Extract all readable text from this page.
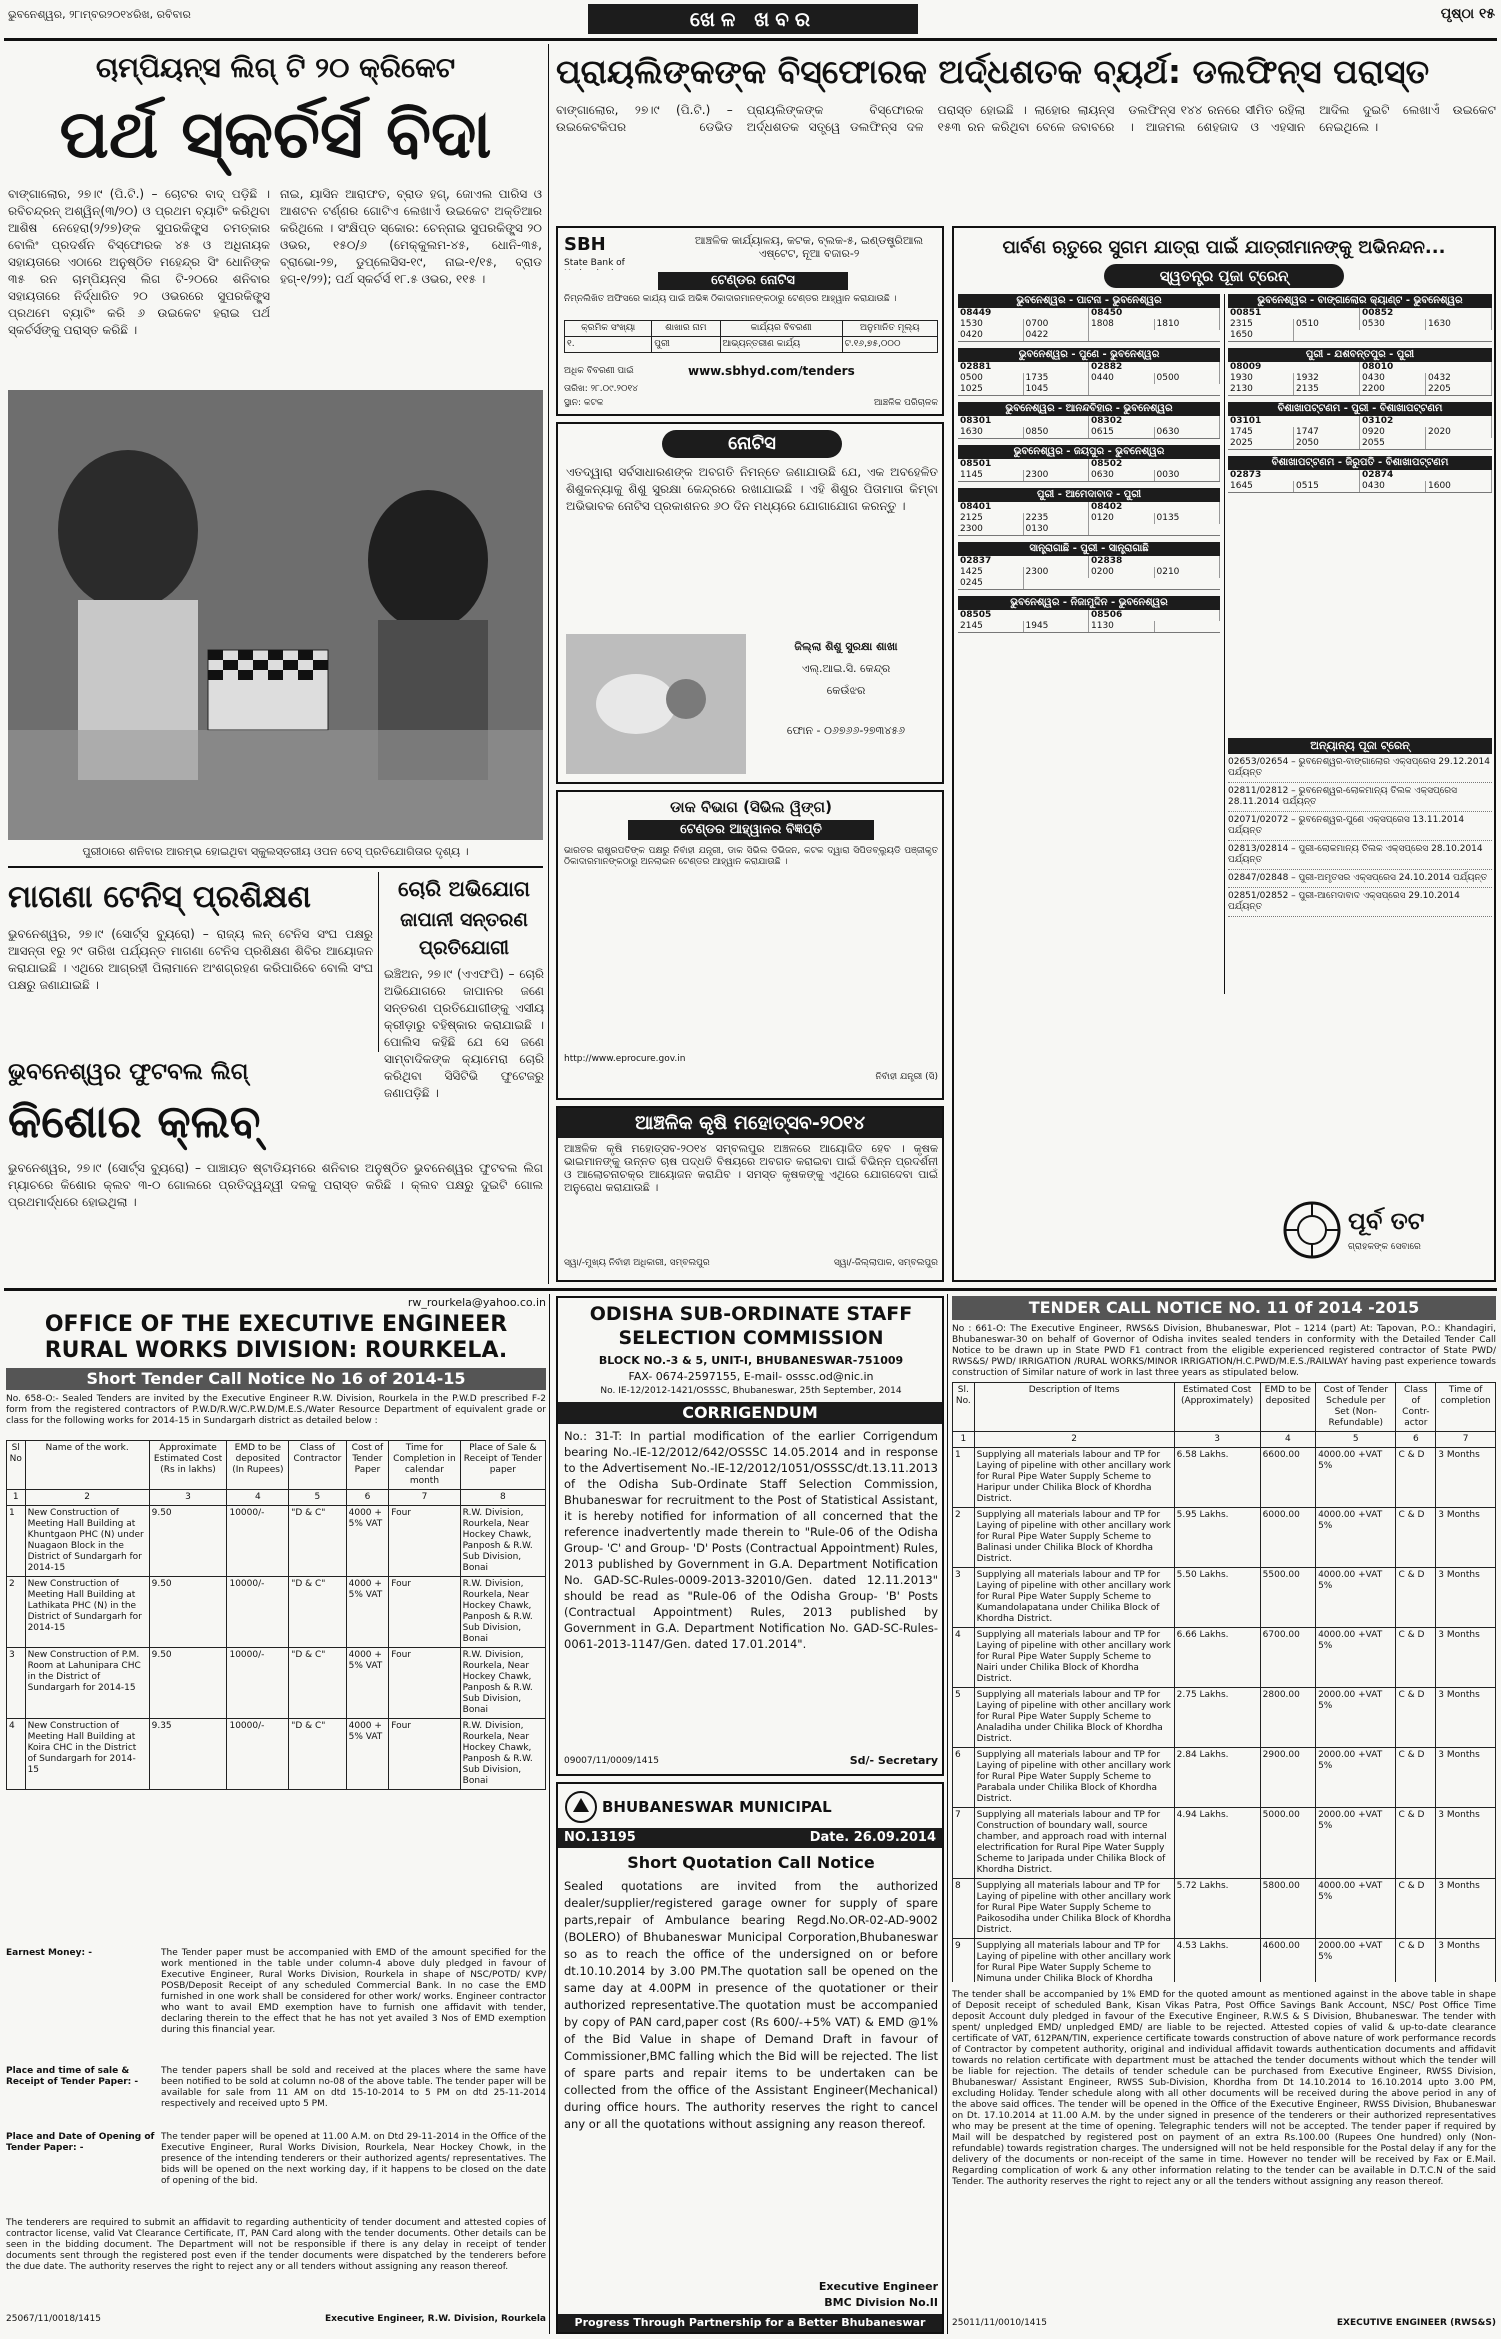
ଭୁବନେଶ୍ୱର, ୨୮ାମ୍ବର୨୦୧୪ରିଖ, ରବିବାର	ଖେଳ ଖବର	ପୃଷ୍ଠା ୧୫
ଚାମ୍ପିୟନ୍ସ ଲିଗ୍ ଟି ୨୦ କ୍ରିକେଟ
ପର୍ଥ ସ୍କର୍ଚର୍ସ ବିଦା
ବାଙ୍ଗାଲୋର, ୨୭।୯ (ପି.ଟି.) – ଚୋଟର ବାଦ୍ ପଡ଼ିଛି । ରବିଚନ୍ଦ୍ରନ୍ ଅଶ୍ୱିନ୍(୩/୨୦) ଓ ପ୍ରଥମ ବ୍ୟାଟିଂ କରିଥିବା ଆଶିଷ ନେହେରା(୨/୨୭)ଙ୍କ ସୁପରକିଙ୍ଗ୍ସ ଚମତ୍କାର ବୋଲିଂ ପ୍ରଦର୍ଶନ ବିସ୍ଫୋରକ ୪୫ ଓ ଅଧିନାୟକ ସହାୟତାରେ ଏଠାରେ ଅନୁଷ୍ଠିତ ମହେନ୍ଦ୍ର ସିଂ ଧୋନିଙ୍କ ୩୫ ରନ ଚାମ୍ପିୟନ୍ସ ଲିଗ ଟି-୨୦ରେ ଶନିବାର ସହାୟତାରେ ନିର୍ଦ୍ଧାରିତ ୨୦ ଓଭରରେ ସୁପରକିଙ୍ଗ୍ସ ପ୍ରଥମେ ବ୍ୟାଟିଂ କରି ୬ ଉଇକେଟ ହରାଇ ପର୍ଥ ସ୍କର୍ଚର୍ସଙ୍କୁ ପରାସ୍ତ କରିଛି ।
ନାଇ, ୟାସିନ ଆରାଫତ, ବ୍ରାଡ ହଗ୍, ଜୋଏଲ ପାରିସ ଓ ଆଶଟନ ଟର୍ଣ୍ଣର ଗୋଟିଏ ଲେଖାଏଁ ଉଇକେଟ ଅକ୍ତିଆର କରିଥିଲେ । ସଂକ୍ଷିପ୍ତ ସ୍କୋର: ଚେନ୍ନାଇ ସୁପରକିଙ୍ଗ୍ସ ୨୦ ଓଭର, ୧୫୦/୬ (ମେକ୍କୁଲମ-୪୫, ଧୋନି-୩୫, ବ୍ରାଭୋ-୨୭, ଡୁପ୍ଲେସିସ-୧୯, ନାଇ-୧/୧୫, ବ୍ରାଡ ହଗ୍-୧/୨୨); ପର୍ଥ ସ୍କର୍ଚର୍ସ ୧୮.୫ ଓଭର, ୧୧୫ ।
ପୁରୀଠାରେ ଶନିବାର ଆରମ୍ଭ ହୋଇଥିବା ସ୍କୁଲସ୍ତରୀୟ ଓପନ ଚେସ୍ ପ୍ରତିଯୋଗିତାର ଦୃଶ୍ୟ ।
ମାଗଣା ଟେନିସ୍ ପ୍ରଶିକ୍ଷଣ
ଭୁବନେଶ୍ୱର, ୨୭।୯ (ସୋର୍ଟ୍ସ ବ୍ୟୁରୋ) – ରାଜ୍ୟ ଲନ୍ ଟେନିସ ସଂଘ ପକ୍ଷରୁ ଆସନ୍ତା ୧ରୁ ୨୯ ତାରିଖ ପର୍ଯ୍ୟନ୍ତ ମାଗଣା ଟେନିସ ପ୍ରଶିକ୍ଷଣ ଶିବିର ଆୟୋଜନ କରାଯାଇଛି । ଏଥିରେ ଆଗ୍ରହୀ ପିଲାମାନେ ଅଂଶଗ୍ରହଣ କରିପାରିବେ ବୋଲି ସଂଘ ପକ୍ଷରୁ ଜଣାଯାଇଛି ।
ଚୋରି ଅଭିଯୋଗ
ଜାପାନୀ ସନ୍ତରଣ
ପ୍ରତିଯୋଗୀ
ଇଞ୍ଚିଅନ, ୨୭।୯ (ଏଏଫପି) – ଚୋରି ଅଭିଯୋଗରେ ଜାପାନର ଜଣେ ସନ୍ତରଣ ପ୍ରତିଯୋଗୀଙ୍କୁ ଏସୀୟ କ୍ରୀଡ଼ାରୁ ବହିଷ୍କାର କରାଯାଇଛି । ପୋଲିସ କହିଛି ଯେ ସେ ଜଣେ ସାମ୍ବାଦିକଙ୍କ କ୍ୟାମେରା ଚୋରି କରିଥିବା ସିସିଟିଭି ଫୁଟେଜରୁ ଜଣାପଡ଼ିଛି ।
ଭୁବନେଶ୍ୱର ଫୁଟବଲ ଲିଗ୍
କିଶୋର କ୍ଲବ୍
ଭୁବନେଶ୍ୱର, ୨୭।୯ (ସୋର୍ଟ୍ସ ବ୍ୟୁରୋ) – ପାଞ୍ଚାୟତ ଷ୍ଟାଡିୟମରେ ଶନିବାର ଅନୁଷ୍ଠିତ ଭୁବନେଶ୍ୱର ଫୁଟବଲ ଲିଗ ମ୍ୟାଚରେ କିଶୋର କ୍ଲବ ୩-୦ ଗୋଲରେ ପ୍ରତିଦ୍ୱନ୍ଦ୍ୱୀ ଦଳକୁ ପରାସ୍ତ କରିଛି । କ୍ଲବ ପକ୍ଷରୁ ଦୁଇଟି ଗୋଲ ପ୍ରଥମାର୍ଦ୍ଧରେ ହୋଇଥିଲା ।
ପ୍ରାୟଲିଙ୍କଙ୍କ ବିସ୍ଫୋରକ ଅର୍ଦ୍ଧଶତକ ବ୍ୟର୍ଥ: ଡଲଫିନ୍ସ ପରାସ୍ତ
ବାଙ୍ଗାଲୋର, ୨୭।୯ (ପି.ଟି.) – ଉଇକେଟକିପର ଡେଭିଡ ପ୍ରାୟଲିଙ୍କଙ୍କ ବିସ୍ଫୋରକ ଅର୍ଦ୍ଧଶତକ ସତ୍ତ୍ୱେ ଡଲଫିନ୍ସ ଦଳ ପରାସ୍ତ ହୋଇଛି । ଲାହୋର ଲାୟନ୍ସ ୧୫୩ ରନ କରିଥିବା ବେଳେ ଜବାବରେ ଡଲଫିନ୍ସ ୧୪୪ ରନରେ ସୀମିତ ରହିଲା । ଆଜମଲ ଶେହଜାଦ ଓ ଏହସାନ ଆଦିଲ ଦୁଇଟି ଲେଖାଏଁ ଉଇକେଟ ନେଇଥିଲେ ।
SBH
State Bank of
ଆଞ୍ଚଳିକ କାର୍ଯ୍ୟାଳୟ, କଟକ, ବ୍ଲକ-୫, ଇଣ୍ଡଷ୍ଟ୍ରିଆଲ ଏଷ୍ଟେଟ, ନୂଆ ବଜାର-୨
ଟେଣ୍ଡର ନୋଟିସ
ନିମ୍ନଲିଖିତ ଅଫିସରେ କାର୍ଯ୍ୟ ପାଇଁ ଅଭିଜ୍ଞ ଠିକାଦାରମାନଙ୍କଠାରୁ ଟେଣ୍ଡର ଆହ୍ୱାନ କରାଯାଉଛି ।
କ୍ରମିକ ସଂଖ୍ୟା	ଶାଖାର ନାମ	କାର୍ଯ୍ୟର ବିବରଣୀ	ଅନୁମାନିତ ମୂଲ୍ୟ
୧.	ପୁରୀ	ଆଭ୍ୟନ୍ତରୀଣ କାର୍ଯ୍ୟ	ଟ.୧୬,୭୫,୦୦୦
ଅଧିକ ବିବରଣୀ ପାଇଁ	www.sbhyd.com/tenders
ତାରିଖ: ୨୮.୦୯.୨୦୧୪
ସ୍ଥାନ: କଟକ	ଆଞ୍ଚଳିକ ପରିଚାଳକ
ନୋଟିସ
ଏତଦ୍ୱାରା ସର୍ବସାଧାରଣଙ୍କ ଅବଗତି ନିମନ୍ତେ ଜଣାଯାଉଛି ଯେ, ଏକ ଅବହେଳିତ ଶିଶୁକନ୍ୟାକୁ ଶିଶୁ ସୁରକ୍ଷା କେନ୍ଦ୍ରରେ ରଖାଯାଇଛି । ଏହି ଶିଶୁର ପିତାମାତା କିମ୍ବା ଅଭିଭାବକ ନୋଟିସ ପ୍ରକାଶନର ୬୦ ଦିନ ମଧ୍ୟରେ ଯୋଗାଯୋଗ କରନ୍ତୁ ।
ଜିଲ୍ଲା ଶିଶୁ ସୁରକ୍ଷା ଶାଖା
ଏଲ୍.ଆଇ.ସି. କେନ୍ଦ୍ର
କେଉଁଝର
ଫୋନ - ୦୬୭୬୬-୨୭୩୪୫୬
ଡାକ ବିଭାଗ (ସିଭିଲ ୱିଙ୍ଗ)
ଟେଣ୍ଡର ଆହ୍ୱାନର ବିଜ୍ଞପ୍ତି
ଭାରତର ରାଷ୍ଟ୍ରପତିଙ୍କ ପକ୍ଷରୁ ନିର୍ବାହୀ ଯନ୍ତ୍ରୀ, ଡାକ ସିଭିଲ ଡିଭିଜନ, କଟକ ଦ୍ୱାରା ସିପିଡବ୍ଲ୍ୟୁଡି ପଞ୍ଜୀକୃତ ଠିକାଦାରମାନଙ୍କଠାରୁ ଅନଲାଇନ ଟେଣ୍ଡର ଆହ୍ୱାନ କରାଯାଉଛି ।
http://www.eprocure.gov.in
ନିର୍ବାହୀ ଯନ୍ତ୍ରୀ (ସି)
ଆଞ୍ଚଳିକ କୃଷି ମହୋତ୍ସବ-୨୦୧୪
ଆଞ୍ଚଳିକ କୃଷି ମହୋତ୍ସବ-୨୦୧୪ ସମ୍ବଲପୁର ଅଞ୍ଚଳରେ ଆୟୋଜିତ ହେବ । କୃଷକ ଭାଇମାନଙ୍କୁ ଉନ୍ନତ ଚାଷ ପଦ୍ଧତି ବିଷୟରେ ଅବଗତ କରାଇବା ପାଇଁ ବିଭିନ୍ନ ପ୍ରଦର୍ଶନୀ ଓ ଆଲୋଚନାଚକ୍ର ଆୟୋଜନ କରାଯିବ । ସମସ୍ତ କୃଷକଙ୍କୁ ଏଥିରେ ଯୋଗଦେବା ପାଇଁ ଅନୁରୋଧ କରାଯାଉଛି ।
ସ୍ୱା/-ମୁଖ୍ୟ ନିର୍ବାହୀ ଅଧିକାରୀ, ସମ୍ବଲପୁର	ସ୍ୱା/-ଜିଲ୍ଲାପାଳ, ସମ୍ବଲପୁର
ପାର୍ବଣ ଋତୁରେ ସୁଗମ ଯାତ୍ରା ପାଇଁ ଯାତ୍ରୀମାନଙ୍କୁ ଅଭିନନ୍ଦନ...
ସ୍ୱତନ୍ତ୍ର ପୂଜା ଟ୍ରେନ୍
ଭୁବନେଶ୍ୱର - ପାଟନା - ଭୁବନେଶ୍ୱର
08449	08450
1530	0700	1808	1810
0420	0422
ଭୁବନେଶ୍ୱର - ପୁଣେ - ଭୁବନେଶ୍ୱର
02881	02882
0500	1735	0440	0500
1025	1045
ଭୁବନେଶ୍ୱର - ଆନନ୍ଦବିହାର - ଭୁବନେଶ୍ୱର
08301	08302
1630	0850	0615	0630
ଭୁବନେଶ୍ୱର - ଜୟପୁର - ଭୁବନେଶ୍ୱର
08501	08502
1145	2300	0630	0030
ପୁରୀ - ଆମେଦାବାଦ - ପୁରୀ
08401	08402
2125	2235	0120	0135
2300	0130
ସାନ୍ତ୍ରାଗାଛି - ପୁରୀ - ସାନ୍ତ୍ରାଗାଛି
02837	02838
1425	2300	0200	0210
0245
ଭୁବନେଶ୍ୱର - ନିଜାମୁଦ୍ଦିନ - ଭୁବନେଶ୍ୱର
08505	08506
2145	1945	1130
ଭୁବନେଶ୍ୱର - ବାଙ୍ଗାଲୋର କ୍ୟାଣ୍ଟ - ଭୁବନେଶ୍ୱର
00851	00852
2315	0510	0530	1630
1650
ପୁରୀ - ଯଶବନ୍ତପୁର - ପୁରୀ
08009	08010
1930	1932	0430	0432
2130	2135	2200	2205
ବିଶାଖାପଟ୍ଟଣମ - ପୁରୀ - ବିଶାଖାପଟ୍ଟଣମ
03101	03102
1745	1747	0920	2020
2025	2050	2055
ବିଶାଖାପଟ୍ଟଣମ - ଜିରୁପତି - ବିଶାଖାପଟ୍ଟଣମ
02873	02874
1645	0515	0430	1600
ଅନ୍ୟାନ୍ୟ ପୂଜା ଟ୍ରେନ୍
02653/02654 – ଭୁବନେଶ୍ୱର-ବାଙ୍ଗାଲୋର ଏକ୍ସପ୍ରେସ 29.12.2014 ପର୍ଯ୍ୟନ୍ତ
02811/02812 – ଭୁବନେଶ୍ୱର-ଲୋକମାନ୍ୟ ତିଲକ ଏକ୍ସପ୍ରେସ 28.11.2014 ପର୍ଯ୍ୟନ୍ତ
02071/02072 – ଭୁବନେଶ୍ୱର-ପୁଣେ ଏକ୍ସପ୍ରେସ 13.11.2014 ପର୍ଯ୍ୟନ୍ତ
02813/02814 – ପୁରୀ-ଲୋକମାନ୍ୟ ତିଲକ ଏକ୍ସପ୍ରେସ 28.10.2014 ପର୍ଯ୍ୟନ୍ତ
02847/02848 – ପୁରୀ-ଅମୃତସର ଏକ୍ସପ୍ରେସ 24.10.2014 ପର୍ଯ୍ୟନ୍ତ
02851/02852 – ପୁରୀ-ଆମେଦାବାଦ ଏକ୍ସପ୍ରେସ 29.10.2014 ପର୍ଯ୍ୟନ୍ତ
ପୂର୍ବ ତଟ
ଗ୍ରାହକଙ୍କ ସେବାରେ
rw_rourkela@yahoo.co.in
OFFICE OF THE EXECUTIVE ENGINEER
RURAL WORKS DIVISION: ROURKELA.
Short Tender Call Notice No 16 of 2014-15
No. 658-O:- Sealed Tenders are invited by the Executive Engineer R.W. Division, Rourkela in the P.W.D prescribed F-2 form from the registered contractors of P.W.D/R.W/C.P.W.D/M.E.S./Water Resource Department of equivalent grade or class for the following works for 2014-15 in Sundargarh district as detailed below :
Sl No	Name of the work.	Approximate Estimated Cost (Rs in lakhs)	EMD to be deposited (In Rupees)	Class of Contractor	Cost of Tender Paper	Time for Completion in calendar month	Place of Sale & Receipt of Tender paper
1	2	3	4	5	6	7	8
1	New Construction of Meeting Hall Building at Khuntgaon PHC (N) under Nuagaon Block in the District of Sundargarh for 2014-15	9.50	10000/-	"D & C"	4000 + 5% VAT	Four	R.W. Division, Rourkela, Near Hockey Chawk, Panposh & R.W. Sub Division, Bonai
2	New Construction of Meeting Hall Building at Lathikata PHC (N) in the District of Sundargarh for 2014-15	9.50	10000/-	"D & C"	4000 + 5% VAT	Four	R.W. Division, Rourkela, Near Hockey Chawk, Panposh & R.W. Sub Division, Bonai
3	New Construction of P.M. Room at Lahunipara CHC in the District of Sundargarh for 2014-15	9.50	10000/-	"D & C"	4000 + 5% VAT	Four	R.W. Division, Rourkela, Near Hockey Chawk, Panposh & R.W. Sub Division, Bonai
4	New Construction of Meeting Hall Building at Koira CHC in the District of Sundargarh for 2014-15	9.35	10000/-	"D & C"	4000 + 5% VAT	Four	R.W. Division, Rourkela, Near Hockey Chawk, Panposh & R.W. Sub Division, Bonai
Earnest Money: -	The Tender paper must be accompanied with EMD of the amount specified for the work mentioned in the table under column-4 above duly pledged in favour of Executive Engineer, Rural Works Division, Rourkela in shape of NSC/POTD/ KVP/ POSB/Deposit Receipt of any scheduled Commercial Bank. In no case the EMD furnished in one work shall be considered for other work/ works. Engineer contractor who want to avail EMD exemption have to furnish one affidavit with tender, declaring therein to the effect that he has not yet availed 3 Nos of EMD exemption during this financial year.
Place and time of sale & Receipt of Tender Paper: -
The tender papers shall be sold and received at the places where the same have been notified to be sold at column no-08 of the above table. The tender paper will be available for sale from 11 AM on dtd 15-10-2014 to 5 PM on dtd 25-11-2014 respectively and received upto 5 PM.
Place and Date of Opening of Tender Paper: -
The tender paper will be opened at 11.00 A.M. on Dtd 29-11-2014 in the Office of the Executive Engineer, Rural Works Division, Rourkela, Near Hockey Chowk, in the presence of the intending tenderers or their authorized agents/ representatives. The bids will be opened on the next working day, if it happens to be closed on the date of opening of the bid.
The tenderers are required to submit an affidavit to regarding authenticity of tender document and attested copies of contractor license, valid Vat Clearance Certificate, IT, PAN Card along with the tender documents. Other details can be seen in the bidding document. The Department will not be responsible if there is any delay in receipt of tender documents sent through the registered post even if the tender documents were dispatched by the tenderers before the due date. The authority reserves the right to reject any or all tenders without assigning any reason thereof.
25067/11/0018/1415	Executive Engineer, R.W. Division, Rourkela
ODISHA SUB-ORDINATE STAFF
SELECTION COMMISSION
BLOCK NO.-3 & 5, UNIT-I, BHUBANESWAR-751009
FAX- 0674-2597155, E-mail- osssc.od@nic.in
No. IE-12/2012-1421/OSSSC, Bhubaneswar, 25th September, 2014
CORRIGENDUM
No.: 31-T: In partial modification of the earlier Corrigendum bearing No.-IE-12/2012/642/OSSSC 14.05.2014 and in response to the Advertisement No.-IE-12/2012/1051/OSSSC/dt.13.11.2013 of the Odisha Sub-Ordinate Staff Selection Commission, Bhubaneswar for recruitment to the Post of Statistical Assistant, it is hereby notified for information of all concerned that the reference inadvertently made therein to "Rule-06 of the Odisha Group- 'C' and Group- 'D' Posts (Contractual Appointment) Rules, 2013 published by Government in G.A. Department Notification No. GAD-SC-Rules-0009-2013-32010/Gen. dated 12.11.2013" should be read as "Rule-06 of the Odisha Group- 'B' Posts (Contractual Appointment) Rules, 2013 published by Government in G.A. Department Notification No. GAD-SC-Rules-0061-2013-1147/Gen. dated 17.01.2014".
09007/11/0009/1415	Sd/- Secretary
BHUBANESWAR MUNICIPAL
NO.13195	Date. 26.09.2014
Short Quotation Call Notice
Sealed quotations are invited from the authorized dealer/supplier/registered garage owner for supply of spare parts,repair of Ambulance bearing Regd.No.OR-02-AD-9002 (BOLERO) of Bhubaneswar Municipal Corporation,Bhubaneswar so as to reach the office of the undersigned on or before dt.10.10.2014 by 3.00 PM.The quotation sall be opened on the same day at 4.00PM in presence of the quotationer or their authorized representative.The quotation must be accompanied by copy of PAN card,paper cost (Rs 600/-+5% VAT) & EMD @1% of the Bid Value in shape of Demand Draft in favour of Commissioner,BMC falling which the Bid will be rejected. The list of spare parts and repair items to be undertaken can be collected from the office of the Assistant Engineer(Mechanical) during office hours. The authority reserves the right to cancel any or all the quotations without assigning any reason thereof.
Executive Engineer
BMC Division No.II
Progress Through Partnership for a Better Bhubaneswar
TENDER CALL NOTICE NO. 11 0f 2014 -2015
No : 661-O: The Executive Engineer, RWS&S Division, Bhubaneswar, Plot – 1214 (part) At: Tapovan, P.O.: Khandagiri, Bhubaneswar-30 on behalf of Governor of Odisha invites sealed tenders in conformity with the Detailed Tender Call Notice to be drawn up in State PWD F1 contract from the eligible experienced registered contractor of State PWD/ RWS&S/ PWD/ IRRIGATION /RURAL WORKS/MINOR IRRIGATION/H.C.PWD/M.E.S./RAILWAY having past experience towards construction of Similar nature of work in last three years as stipulated below.
Sl. No.	Description of Items	Estimated Cost (Approximately)	EMD to be deposited	Cost of Tender Schedule per Set (Non-Refundable)	Class of Contr-actor	Time of completion
1	2	3	4	5	6	7
1	Supplying all materials labour and TP for Laying of pipeline with other ancillary work for Rural Pipe Water Supply Scheme to Haripur under Chilika Block of Khordha District.	6.58 Lakhs.	6600.00	4000.00 +VAT 5%	C & D	3 Months
2	Supplying all materials labour and TP for Laying of pipeline with other ancillary work for Rural Pipe Water Supply Scheme to Balinasi under Chilika Block of Khordha District.	5.95 Lakhs.	6000.00	4000.00 +VAT 5%	C & D	3 Months
3	Supplying all materials labour and TP for Laying of pipeline with other ancillary work for Rural Pipe Water Supply Scheme to Kumandolapatana under Chilika Block of Khordha District.	5.50 Lakhs.	5500.00	4000.00 +VAT 5%	C & D	3 Months
4	Supplying all materials labour and TP for Laying of pipeline with other ancillary work for Rural Pipe Water Supply Scheme to Nairi under Chilika Block of Khordha District.	6.66 Lakhs.	6700.00	4000.00 +VAT 5%	C & D	3 Months
5	Supplying all materials labour and TP for Laying of pipeline with other ancillary work for Rural Pipe Water Supply Scheme to Analadiha under Chilika Block of Khordha District.	2.75 Lakhs.	2800.00	2000.00 +VAT 5%	C & D	3 Months
6	Supplying all materials labour and TP for Laying of pipeline with other ancillary work for Rural Pipe Water Supply Scheme to Parabala under Chilika Block of Khordha District.	2.84 Lakhs.	2900.00	2000.00 +VAT 5%	C & D	3 Months
7	Supplying all materials labour and TP for Construction of boundary wall, source chamber, and approach road with internal electrification for Rural Pipe Water Supply Scheme to Jaripada under Chilika Block of Khordha District.	4.94 Lakhs.	5000.00	2000.00 +VAT 5%	C & D	3 Months
8	Supplying all materials labour and TP for Laying of pipeline with other ancillary work for Rural Pipe Water Supply Scheme to Paikosodiha under Chilika Block of Khordha District.	5.72 Lakhs.	5800.00	4000.00 +VAT 5%	C & D	3 Months
9	Supplying all materials labour and TP for Laying of pipeline with other ancillary work for Rural Pipe Water Supply Scheme to Nimuna under Chilika Block of Khordha	4.53 Lakhs.	4600.00	2000.00 +VAT 5%	C & D	3 Months

The tender shall be accompanied by 1% EMD for the quoted amount as mentioned against in the above table in shape of Deposit receipt of scheduled Bank, Kisan Vikas Patra, Post Office Savings Bank Account, NSC/ Post Office Time deposit Account duly pledged in favour of the Executive Engineer, R.W.S & S Division, Bhubaneswar. The tender with spent/ unpledged EMD/ unpledged EMD/ are liable to be rejected. Attested copies of valid & up-to-date clearance certificate of VAT, 612PAN/TIN, experience certificate towards construction of above nature of work performance records of Contractor by competent authority, original and individual affidavit towards authentication documents and affidavit towards no relation certificate with department must be attached the tender documents without which the tender will be liable for rejection. The details of tender schedule can be purchased from Executive Engineer, RWSS Division, Bhubaneswar/ Assistant Engineer, RWSS Sub-Division, Khordha from Dt 14.10.2014 to 16.10.2014 upto 3.00 PM, excluding Holiday. Tender schedule along with all other documents will be received during the above period in any of the above said offices. The tender will be opened in the Office of the Executive Engineer, RWSS Division, Bhubaneswar on Dt. 17.10.2014 at 11.00 A.M. by the under signed in presence of the tenderers or their authorized representatives who may be present at the time of opening. Telegraphic tenders will not be accepted. The tender paper if required by Mail will be despatched by registered post on payment of an extra Rs.100.00 (Rupees One hundred) only (Non-refundable) towards registration charges. The undersigned will not be held responsible for the Postal delay if any for the delivery of the documents or non-receipt of the same in time. However no tender will be received by Fax or E.Mail. Regarding complication of work & any other information relating to the tender can be available in D.T.C.N of the said Tender. The authority reserves the right to reject any or all the tenders without assigning any reason thereof.
25011/11/0010/1415	EXECUTIVE ENGINEER (RWS&S)
